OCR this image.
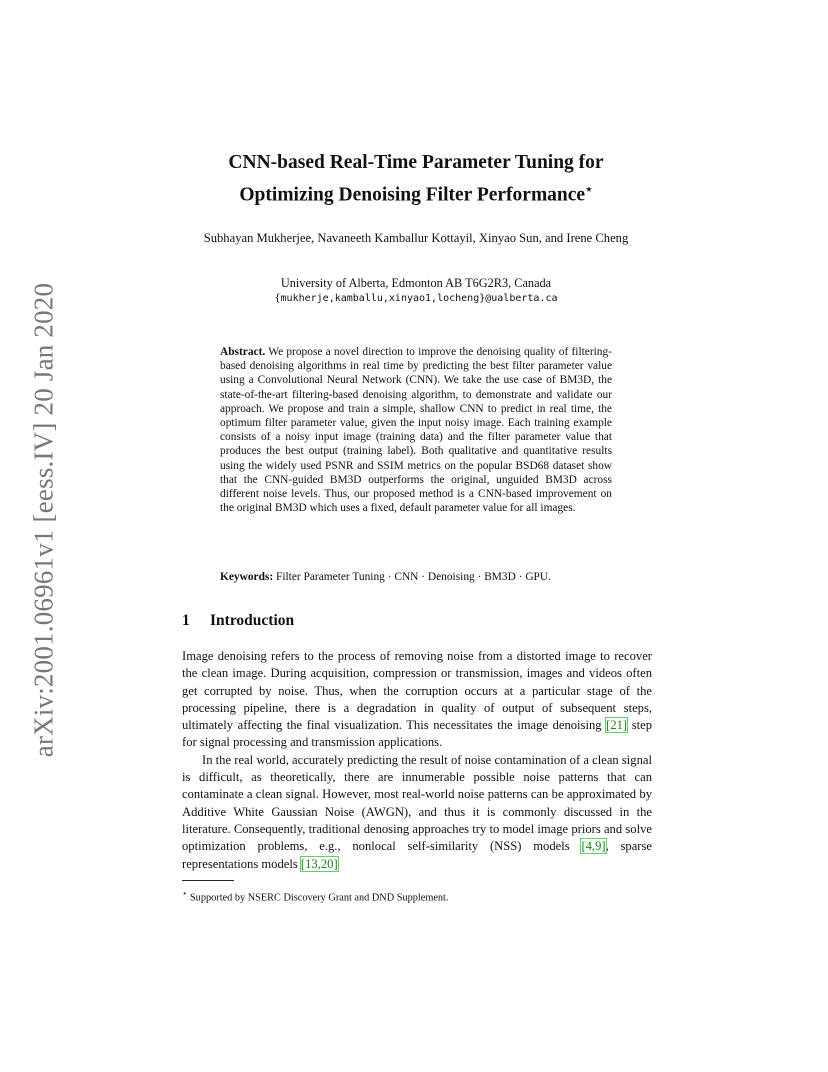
arXiv:2001.06961v1 [eess.IV] 20 Jan 2020
CNN-based Real-Time Parameter Tuning for
Optimizing Denoising Filter Performance⋆
Subhayan Mukherjee, Navaneeth Kamballur Kottayil, Xinyao Sun, and Irene Cheng
University of Alberta, Edmonton AB T6G2R3, Canada
{mukherje,kamballu,xinyao1,locheng}@ualberta.ca
Abstract. We propose a novel direction to improve the denoising quality of filtering-based denoising algorithms in real time by predicting the best filter parameter value using a Convolutional Neural Network (CNN). We take the use case of BM3D, the state-of-the-art filtering-based denoising algorithm, to demonstrate and validate our approach. We propose and train a simple, shallow CNN to predict in real time, the optimum filter parameter value, given the input noisy image. Each training example consists of a noisy input image (training data) and the filter parameter value that produces the best output (training label). Both qualitative and quantitative results using the widely used PSNR and SSIM metrics on the popular BSD68 dataset show that the CNN-guided BM3D outperforms the original, unguided BM3D across different noise levels. Thus, our proposed method is a CNN-based improvement on the original BM3D which uses a fixed, default parameter value for all images.
Keywords: Filter Parameter Tuning · CNN · Denoising · BM3D · GPU.
1 Introduction

Image denoising refers to the process of removing noise from a distorted image to recover the clean image. During acquisition, compression or transmission, images and videos often get corrupted by noise. Thus, when the corruption occurs at a particular stage of the processing pipeline, there is a degradation in quality of output of subsequent steps, ultimately affecting the final visualization. This necessitates the image denoising [21] step for signal processing and transmission applications.

In the real world, accurately predicting the result of noise contamination of a clean signal is difficult, as theoretically, there are innumerable possible noise patterns that can contaminate a clean signal. However, most real-world noise patterns can be approximated by Additive White Gaussian Noise (AWGN), and thus it is commonly discussed in the literature. Consequently, traditional denosing approaches try to model image priors and solve optimization problems, e.g., nonlocal self-similarity (NSS) models [4,9], sparse representations models [13,20]

⋆ Supported by NSERC Discovery Grant and DND Supplement.
